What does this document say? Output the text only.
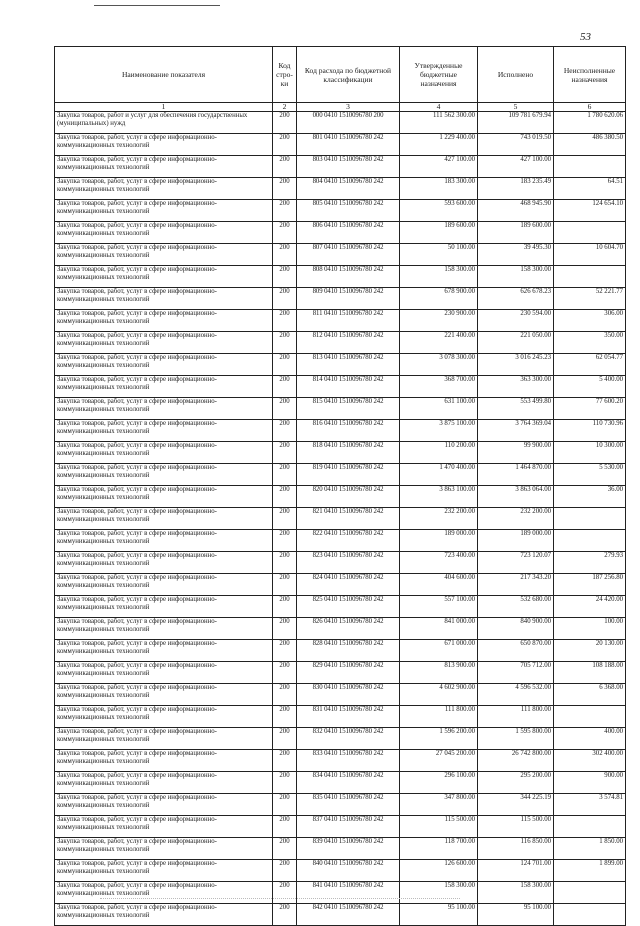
53
Наименование показателя	Код стро-ки	Код расхода по бюджетной классификации	Утвержденные бюджетные назначения	Исполнено	Неисполненные назначения
1	2	3	4	5	6
Закупка товаров, работ и услуг для обеспечения государственных (муниципальных) нужд	200	000 0410 1510096780 200	111 562 300.00	109 781 679.94	1 780 620.06
Закупка товаров, работ, услуг в сфере информационно-коммуникационных технологий	200	801 0410 1510096780 242	1 229 400.00	743 019.50	486 380.50
Закупка товаров, работ, услуг в сфере информационно-коммуникационных технологий	200	803 0410 1510096780 242	427 100.00	427 100.00	
Закупка товаров, работ, услуг в сфере информационно-коммуникационных технологий	200	804 0410 1510096780 242	183 300.00	183 235.49	64.51
Закупка товаров, работ, услуг в сфере информационно-коммуникационных технологий	200	805 0410 1510096780 242	593 600.00	468 945.90	124 654.10
Закупка товаров, работ, услуг в сфере информационно-коммуникационных технологий	200	806 0410 1510096780 242	189 600.00	189 600.00	
Закупка товаров, работ, услуг в сфере информационно-коммуникационных технологий	200	807 0410 1510096780 242	50 100.00	39 495.30	10 604.70
Закупка товаров, работ, услуг в сфере информационно-коммуникационных технологий	200	808 0410 1510096780 242	158 300.00	158 300.00	
Закупка товаров, работ, услуг в сфере информационно-коммуникационных технологий	200	809 0410 1510096780 242	678 900.00	626 678.23	52 221.77
Закупка товаров, работ, услуг в сфере информационно-коммуникационных технологий	200	811 0410 1510096780 242	230 900.00	230 594.00	306.00
Закупка товаров, работ, услуг в сфере информационно-коммуникационных технологий	200	812 0410 1510096780 242	221 400.00	221 050.00	350.00
Закупка товаров, работ, услуг в сфере информационно-коммуникационных технологий	200	813 0410 1510096780 242	3 078 300.00	3 016 245.23	62 054.77
Закупка товаров, работ, услуг в сфере информационно-коммуникационных технологий	200	814 0410 1510096780 242	368 700.00	363 300.00	5 400.00
Закупка товаров, работ, услуг в сфере информационно-коммуникационных технологий	200	815 0410 1510096780 242	631 100.00	553 499.80	77 600.20
Закупка товаров, работ, услуг в сфере информационно-коммуникационных технологий	200	816 0410 1510096780 242	3 875 100.00	3 764 369.04	110 730.96
Закупка товаров, работ, услуг в сфере информационно-коммуникационных технологий	200	818 0410 1510096780 242	110 200.00	99 900.00	10 300.00
Закупка товаров, работ, услуг в сфере информационно-коммуникационных технологий	200	819 0410 1510096780 242	1 470 400.00	1 464 870.00	5 530.00
Закупка товаров, работ, услуг в сфере информационно-коммуникационных технологий	200	820 0410 1510096780 242	3 863 100.00	3 863 064.00	36.00
Закупка товаров, работ, услуг в сфере информационно-коммуникационных технологий	200	821 0410 1510096780 242	232 200.00	232 200.00	
Закупка товаров, работ, услуг в сфере информационно-коммуникационных технологий	200	822 0410 1510096780 242	189 000.00	189 000.00	
Закупка товаров, работ, услуг в сфере информационно-коммуникационных технологий	200	823 0410 1510096780 242	723 400.00	723 120.07	279.93
Закупка товаров, работ, услуг в сфере информационно-коммуникационных технологий	200	824 0410 1510096780 242	404 600.00	217 343.20	187 256.80
Закупка товаров, работ, услуг в сфере информационно-коммуникационных технологий	200	825 0410 1510096780 242	557 100.00	532 680.00	24 420.00
Закупка товаров, работ, услуг в сфере информационно-коммуникационных технологий	200	826 0410 1510096780 242	841 000.00	840 900.00	100.00
Закупка товаров, работ, услуг в сфере информационно-коммуникационных технологий	200	828 0410 1510096780 242	671 000.00	650 870.00	20 130.00
Закупка товаров, работ, услуг в сфере информационно-коммуникационных технологий	200	829 0410 1510096780 242	813 900.00	705 712.00	108 188.00
Закупка товаров, работ, услуг в сфере информационно-коммуникационных технологий	200	830 0410 1510096780 242	4 602 900.00	4 596 532.00	6 368.00
Закупка товаров, работ, услуг в сфере информационно-коммуникационных технологий	200	831 0410 1510096780 242	111 800.00	111 800.00	
Закупка товаров, работ, услуг в сфере информационно-коммуникационных технологий	200	832 0410 1510096780 242	1 596 200.00	1 595 800.00	400.00
Закупка товаров, работ, услуг в сфере информационно-коммуникационных технологий	200	833 0410 1510096780 242	27 045 200.00	26 742 800.00	302 400.00
Закупка товаров, работ, услуг в сфере информационно-коммуникационных технологий	200	834 0410 1510096780 242	296 100.00	295 200.00	900.00
Закупка товаров, работ, услуг в сфере информационно-коммуникационных технологий	200	835 0410 1510096780 242	347 800.00	344 225.19	3 574.81
Закупка товаров, работ, услуг в сфере информационно-коммуникационных технологий	200	837 0410 1510096780 242	115 500.00	115 500.00	
Закупка товаров, работ, услуг в сфере информационно-коммуникационных технологий	200	839 0410 1510096780 242	118 700.00	116 850.00	1 850.00
Закупка товаров, работ, услуг в сфере информационно-коммуникационных технологий	200	840 0410 1510096780 242	126 600.00	124 701.00	1 899.00
Закупка товаров, работ, услуг в сфере информационно-коммуникационных технологий	200	841 0410 1510096780 242	158 300.00	158 300.00	
Закупка товаров, работ, услуг в сфере информационно-коммуникационных технологий	200	842 0410 1510096780 242	95 100.00	95 100.00	
